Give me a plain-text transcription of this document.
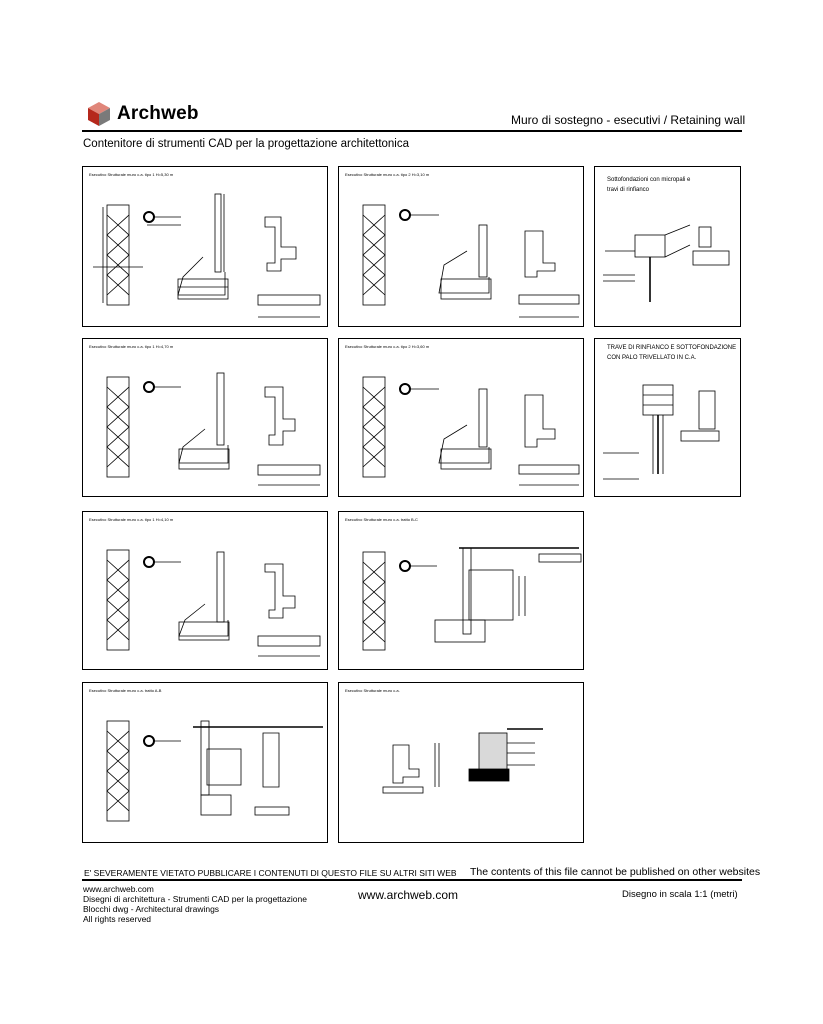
Archweb	Muro di sostegno - esecutivi / Retaining wall
Contenitore di strumenti CAD per la progettazione architettonica
Esecutivo Strutturale muro c.a. tipo 1 H=5,30 m	Esecutivo Strutturale muro c.a. tipo 2 H=3,10 m
Sottofondazioni con micropali e
travi di rinfianco
Esecutivo Strutturale muro c.a. tipo 1 H=4,70 m	Esecutivo Strutturale muro c.a. tipo 2 H=3,60 m	TRAVE DI RINFIANCO E SOTTOFONDAZIONE
CON PALO TRIVELLATO IN C.A.
Esecutivo Strutturale muro c.a. tipo 1 H=4,10 m	Esecutivo Strutturale muro c.a. tratto B-C
Esecutivo Strutturale muro c.a. tratto A-B	Esecutivo Strutturale muro c.a.
E' SEVERAMENTE VIETATO PUBBLICARE I CONTENUTI DI QUESTO FILE SU ALTRI SITI WEB The contents of this file cannot be published on other websites
www.archweb.com
Disegni di architettura - Strumenti CAD per la progettazione
Blocchi dwg - Architectural drawings
All rights reserved
www.archweb.com	Disegno in scala 1:1 (metri)
